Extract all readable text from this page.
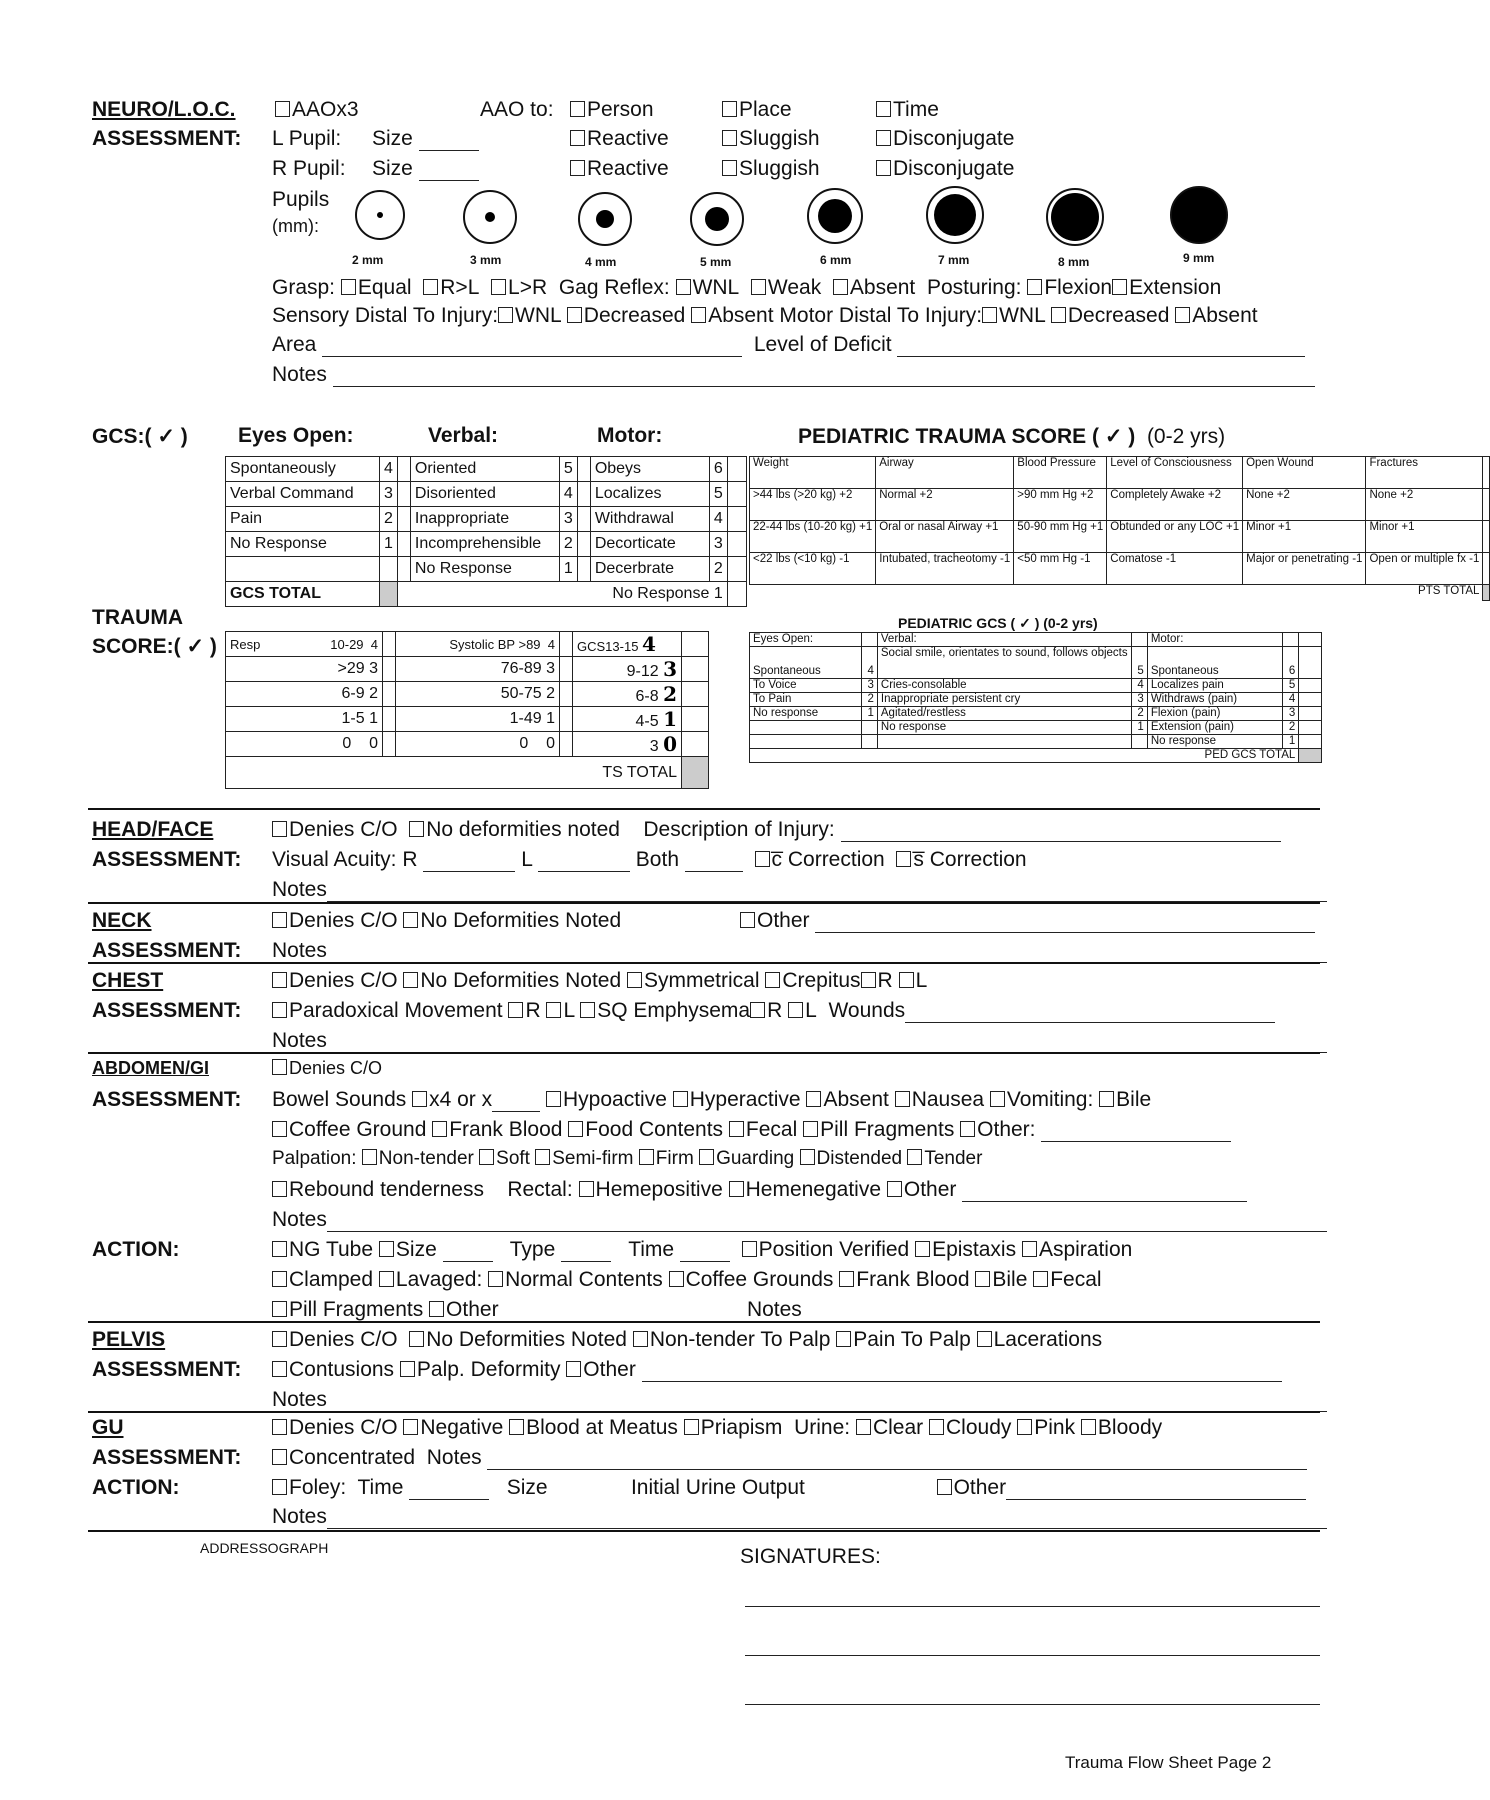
NEURO/L.O.C.
ASSESSMENT:
AAOx3	AAO to:	Person	Place	Time
L Pupil: Size	Reactive	Sluggish	Disconjugate
R Pupil: Size	Reactive	Sluggish	Disconjugate
Pupils
(mm):
2 mm	3 mm	4 mm	5 mm	6 mm	7 mm	8 mm	9 mm
Grasp: Equal R>L L>R Gag Reflex: WNL Weak Absent Posturing: Flexion Extension
Sensory Distal To Injury: WNL Decreased Absent Motor Distal To Injury: WNL Decreased Absent
Area	Level of Deficit
Notes
GCS:( ✓ ) Eyes Open:	Verbal:	Motor:
Spontaneously	4		Oriented	5		Obeys	6	
Verbal Command	3		Disoriented	4		Localizes	5	
Pain	2		Inappropriate	3		Withdrawal	4	
No Response	1		Incomprehensible	2		Decorticate	3	
			No Response	1		Decerbrate	2	
GCS TOTAL						No Response 1		
TRAUMA
SCORE:( ✓ ) Resp	10-29 4		Systolic BP >89 4		GCS13-15 4	
>29 3			76-89 3		9-12 3	
6-9 2			50-75 2		6-8 2	
1-5 1			1-49 1		4-5 1	
0 0			0 0		3 0	
					TS TOTAL	
PEDIATRIC TRAUMA SCORE ( ✓ ) (0-2 yrs)
Weight	Airway	Blood Pressure	Level of Consciousness	Open Wound	Fractures	
>44 lbs (>20 kg) +2	Normal +2	>90 mm Hg +2	Completely Awake +2	None +2	None +2	
22-44 lbs (10-20 kg) +1	Oral or nasal Airway +1	50-90 mm Hg +1	Obtunded or any LOC +1	Minor +1	Minor +1	
<22 lbs (<10 kg) -1	Intubated, tracheotomy -1	<50 mm Hg -1	Comatose -1	Major or penetrating -1	Open or multiple fx -1	
PTS TOTAL						
PEDIATRIC GCS ( ✓ ) (0-2 yrs)
Eyes Open:		Verbal:		Motor:		
Spontaneous	4	Social smile, orientates to sound, follows objects	5	Spontaneous	6	
To Voice	3	Cries-consolable	4	Localizes pain	5	
To Pain	2	Inappropriate persistent cry	3	Withdraws (pain)	4	
No response	1	Agitated/restless	2	Flexion (pain)	3	
		No response	1	Extension (pain)	2	
				No response	1	
PED GCS TOTAL						
HEAD/FACE
ASSESSMENT:
Denies C/O No deformities noted Description of Injury:
Visual Acuity: R	L	Both	c̅ Correction s̅ Correction
Notes
NECK
ASSESSMENT:
Denies C/O No Deformities Noted	Other
Notes
CHEST
ASSESSMENT:
Denies C/O No Deformities Noted Symmetrical Crepitus R L
Paradoxical Movement R L SQ Emphysema R L Wounds
Notes
ABDOMEN/GI
ASSESSMENT:
Denies C/O
Bowel Sounds x4 or x	Hypoactive Hyperactive Absent Nausea Vomiting: Bile
Coffee Ground Frank Blood Food Contents Fecal Pill Fragments Other:
Palpation: Non-tender Soft Semi-firm Firm Guarding Distended Tender
Rebound tenderness Rectal: Hemepositive Hemenegative Other
Notes
ACTION:	NG Tube Size	Type	Time	Position Verified Epistaxis Aspiration
Clamped Lavaged: Normal Contents Coffee Grounds Frank Blood Bile Fecal
Pill Fragments Other	Notes
PELVIS
ASSESSMENT:
Denies C/O No Deformities Noted Non-tender To Palp Pain To Palp Lacerations
Contusions Palp. Deformity Other
Notes
GU
ASSESSMENT:
ACTION:
Denies C/O Negative Blood at Meatus Priapism Urine: Clear Cloudy Pink Bloody
Concentrated Notes
Foley: Time	Size	Initial Urine Output	Other
Notes
ADDRESSOGRAPH	SIGNATURES:
Trauma Flow Sheet Page 2
